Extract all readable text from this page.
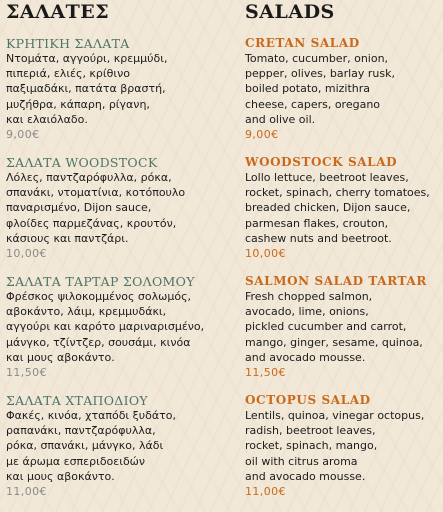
ΣΑΛΑΤΕΣ
ΚΡΗΤΙΚΗ ΣΑΛΑΤΑ
Ντομάτα, αγγούρι, κρεμμύδι,
πιπεριά, ελιές, κρίθινο
παξιμαδάκι, πατάτα βραστή,
μυζήθρα, κάπαρη, ρίγανη,
και ελαιόλαδο.
9,00€
ΣΑΛΑΤΑ WOODSTOCK
Λόλες, παντζαρόφυλλα, ρόκα,
σπανάκι, ντοματίνια, κοτόπουλο
παναρισμένο, Dijon sauce,
φλοίδες παρμεζάνας, κρουτόν,
κάσιους και παντζάρι.
10,00€
ΣΑΛΑΤΑ ΤΑΡΤΑΡ ΣΟΛΟΜΟΥ
Φρέσκος ψιλοκομμένος σολωμός,
αβοκάντο, λάιμ, κρεμμυδάκι,
αγγούρι και καρότο μαριναρισμένο,
μάνγκο, τζίντζερ, σουσάμι, κινόα
και μους αβοκάντο.
11,50€
ΣΑΛΑΤΑ ΧΤΑΠΟΔΙΟΥ
Φακές, κινόα, χταπόδι ξυδάτο,
ραπανάκι, παντζαρόφυλλα,
ρόκα, σπανάκι, μάνγκο, λάδι
με άρωμα εσπεριδοειδών
και μους αβοκάντο.
11,00€
SALADS
CRETAN SALAD
Tomato, cucumber, onion,
pepper, olives, barlay rusk,
boiled potato, mizithra
cheese, capers, oregano
and olive oil.
9,00€
WOODSTOCK SALAD
Lollo lettuce, beetroot leaves,
rocket, spinach, cherry tomatoes,
breaded chicken, Dijon sauce,
parmesan flakes, crouton,
cashew nuts and beetroot.
10,00€
SALMON SALAD TARTAR
Fresh chopped salmon,
avocado, lime, onions,
pickled cucumber and carrot,
mango, ginger, sesame, quinoa,
and avocado mousse.
11,50€
OCTOPUS SALAD
Lentils, quinoa, vinegar octopus,
radish, beetroot leaves,
rocket, spinach, mango,
oil with citrus aroma
and avocado mousse.
11,00€
